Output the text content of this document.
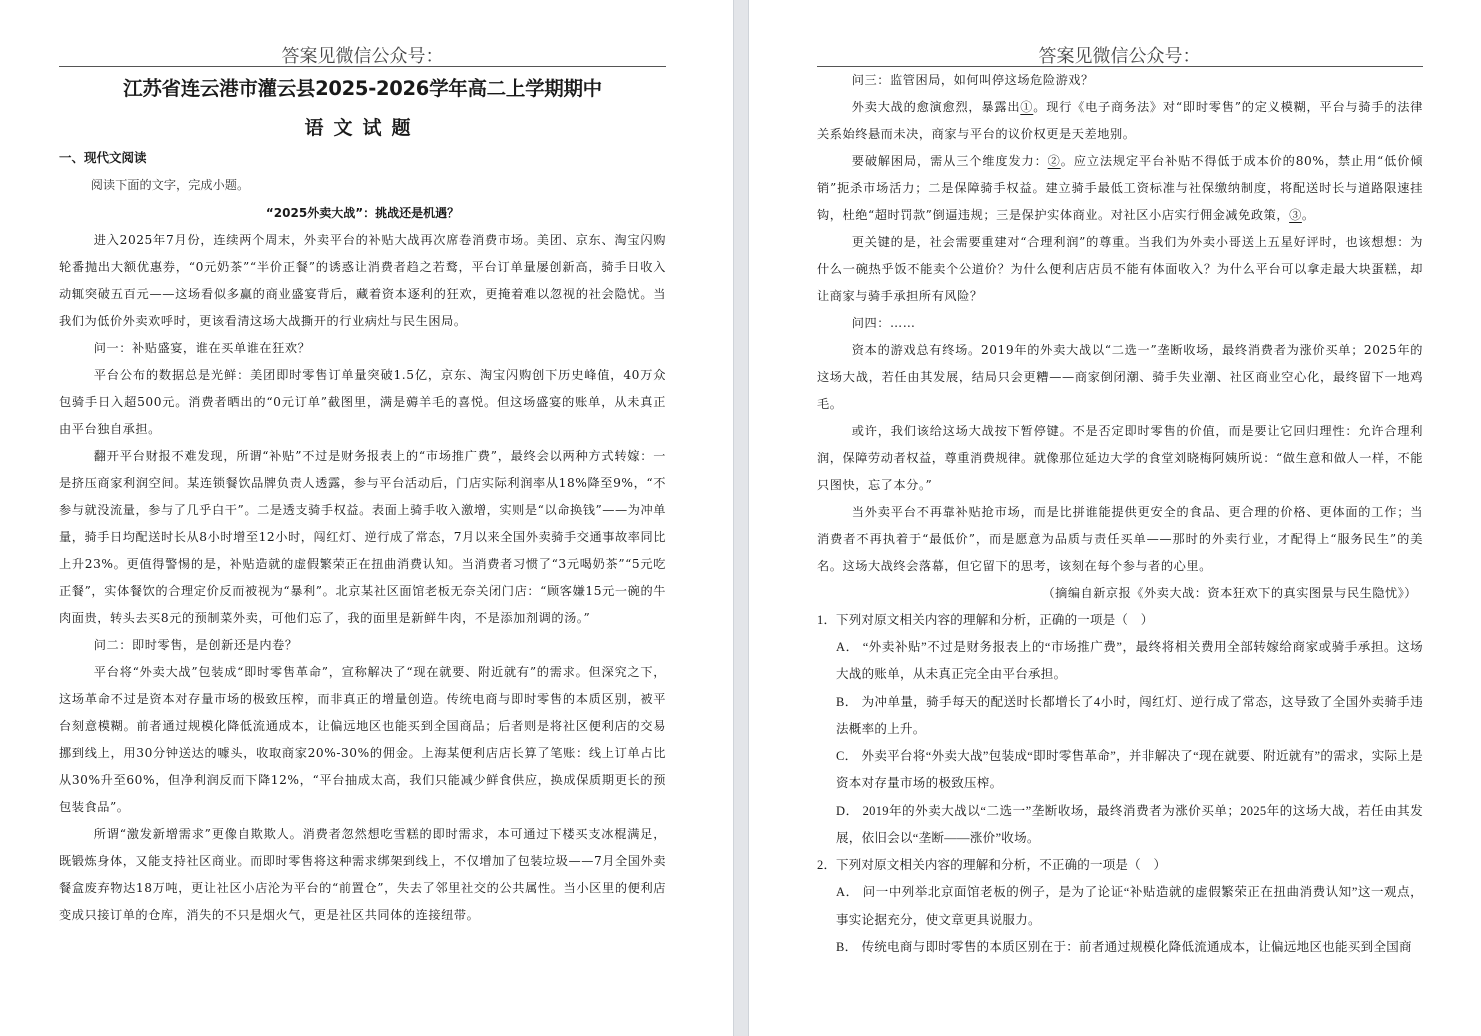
答案见微信公众号：
江苏省连云港市灌云县2025-2026学年高二上学期期中
语文试题
一、现代文阅读
阅读下面的文字，完成小题。
“2025外卖大战”：挑战还是机遇？

进入2025年7月份，连续两个周末，外卖平台的补贴大战再次席卷消费市场。美团、京东、淘宝闪购轮番抛出大额优惠券，“0元奶茶”“半价正餐”的诱惑让消费者趋之若鹜，平台订单量屡创新高，骑手日收入动辄突破五百元——这场看似多赢的商业盛宴背后，藏着资本逐利的狂欢，更掩着难以忽视的社会隐忧。当我们为低价外卖欢呼时，更该看清这场大战撕开的行业病灶与民生困局。

问一：补贴盛宴，谁在买单谁在狂欢？

平台公布的数据总是光鲜：美团即时零售订单量突破1.5亿，京东、淘宝闪购创下历史峰值，40万众包骑手日入超500元。消费者晒出的“0元订单”截图里，满是薅羊毛的喜悦。但这场盛宴的账单，从未真正由平台独自承担。

翻开平台财报不难发现，所谓“补贴”不过是财务报表上的“市场推广费”，最终会以两种方式转嫁：一是挤压商家利润空间。某连锁餐饮品牌负责人透露，参与平台活动后，门店实际利润率从18%降至9%，“不参与就没流量，参与了几乎白干”。二是透支骑手权益。表面上骑手收入激增，实则是“以命换钱”——为冲单量，骑手日均配送时长从8小时增至12小时，闯红灯、逆行成了常态，7月以来全国外卖骑手交通事故率同比上升23%。更值得警惕的是，补贴造就的虚假繁荣正在扭曲消费认知。当消费者习惯了“3元喝奶茶”“5元吃正餐”，实体餐饮的合理定价反而被视为“暴利”。北京某社区面馆老板无奈关闭门店：“顾客嫌15元一碗的牛肉面贵，转头去买8元的预制菜外卖，可他们忘了，我的面里是新鲜牛肉，不是添加剂调的汤。”

问二：即时零售，是创新还是内卷？

平台将“外卖大战”包装成“即时零售革命”，宣称解决了“现在就要、附近就有”的需求。但深究之下，这场革命不过是资本对存量市场的极致压榨，而非真正的增量创造。传统电商与即时零售的本质区别，被平台刻意模糊。前者通过规模化降低流通成本，让偏远地区也能买到全国商品；后者则是将社区便利店的交易挪到线上，用30分钟送达的噱头，收取商家20%-30%的佣金。上海某便利店店长算了笔账：线上订单占比从30%升至60%，但净利润反而下降12%，“平台抽成太高，我们只能减少鲜食供应，换成保质期更长的预包装食品”。

所谓“激发新增需求”更像自欺欺人。消费者忽然想吃雪糕的即时需求，本可通过下楼买支冰棍满足，既锻炼身体，又能支持社区商业。而即时零售将这种需求绑架到线上，不仅增加了包装垃圾——7月全国外卖餐盒废弃物达18万吨，更让社区小店沦为平台的“前置仓”，失去了邻里社交的公共属性。当小区里的便利店变成只接订单的仓库，消失的不只是烟火气，更是社区共同体的连接纽带。

答案见微信公众号：

问三：监管困局，如何叫停这场危险游戏？

外卖大战的愈演愈烈，暴露出①。现行《电子商务法》对“即时零售”的定义模糊，平台与骑手的法律关系始终悬而未决，商家与平台的议价权更是天差地别。

要破解困局，需从三个维度发力：②。应立法规定平台补贴不得低于成本价的80%，禁止用“低价倾销”扼杀市场活力；二是保障骑手权益。建立骑手最低工资标准与社保缴纳制度，将配送时长与道路限速挂钩，杜绝“超时罚款”倒逼违规；三是保护实体商业。对社区小店实行佣金减免政策，③。

更关键的是，社会需要重建对“合理利润”的尊重。当我们为外卖小哥送上五星好评时，也该想想：为什么一碗热乎饭不能卖个公道价？为什么便利店店员不能有体面收入？为什么平台可以拿走最大块蛋糕，却让商家与骑手承担所有风险？

问四：……

资本的游戏总有终场。2019年的外卖大战以“二选一”垄断收场，最终消费者为涨价买单；2025年的这场大战，若任由其发展，结局只会更糟——商家倒闭潮、骑手失业潮、社区商业空心化，最终留下一地鸡毛。

或许，我们该给这场大战按下暂停键。不是否定即时零售的价值，而是要让它回归理性：允许合理利润，保障劳动者权益，尊重消费规律。就像那位延边大学的食堂刘晓梅阿姨所说：“做生意和做人一样，不能只图快，忘了本分。”

当外卖平台不再靠补贴抢市场，而是比拼谁能提供更安全的食品、更合理的价格、更体面的工作；当消费者不再执着于“最低价”，而是愿意为品质与责任买单——那时的外卖行业，才配得上“服务民生”的美名。这场大战终会落幕，但它留下的思考，该刻在每个参与者的心里。

（摘编自新京报《外卖大战：资本狂欢下的真实图景与民生隐忧》）

1．下列对原文相关内容的理解和分析，正确的一项是（　）

A． “外卖补贴”不过是财务报表上的“市场推广费”，最终将相关费用全部转嫁给商家或骑手承担。这场大战的账单，从未真正完全由平台承担。

B． 为冲单量，骑手每天的配送时长都增长了4小时，闯红灯、逆行成了常态，这导致了全国外卖骑手违法概率的上升。

C． 外卖平台将“外卖大战”包装成“即时零售革命”，并非解决了“现在就要、附近就有”的需求，实际上是资本对存量市场的极致压榨。

D． 2019年的外卖大战以“二选一”垄断收场，最终消费者为涨价买单；2025年的这场大战，若任由其发展，依旧会以“垄断——涨价”收场。

2．下列对原文相关内容的理解和分析，不正确的一项是（　）

A． 问一中列举北京面馆老板的例子，是为了论证“补贴造就的虚假繁荣正在扭曲消费认知”这一观点，事实论据充分，使文章更具说服力。

B． 传统电商与即时零售的本质区别在于：前者通过规模化降低流通成本，让偏远地区也能买到全国商
